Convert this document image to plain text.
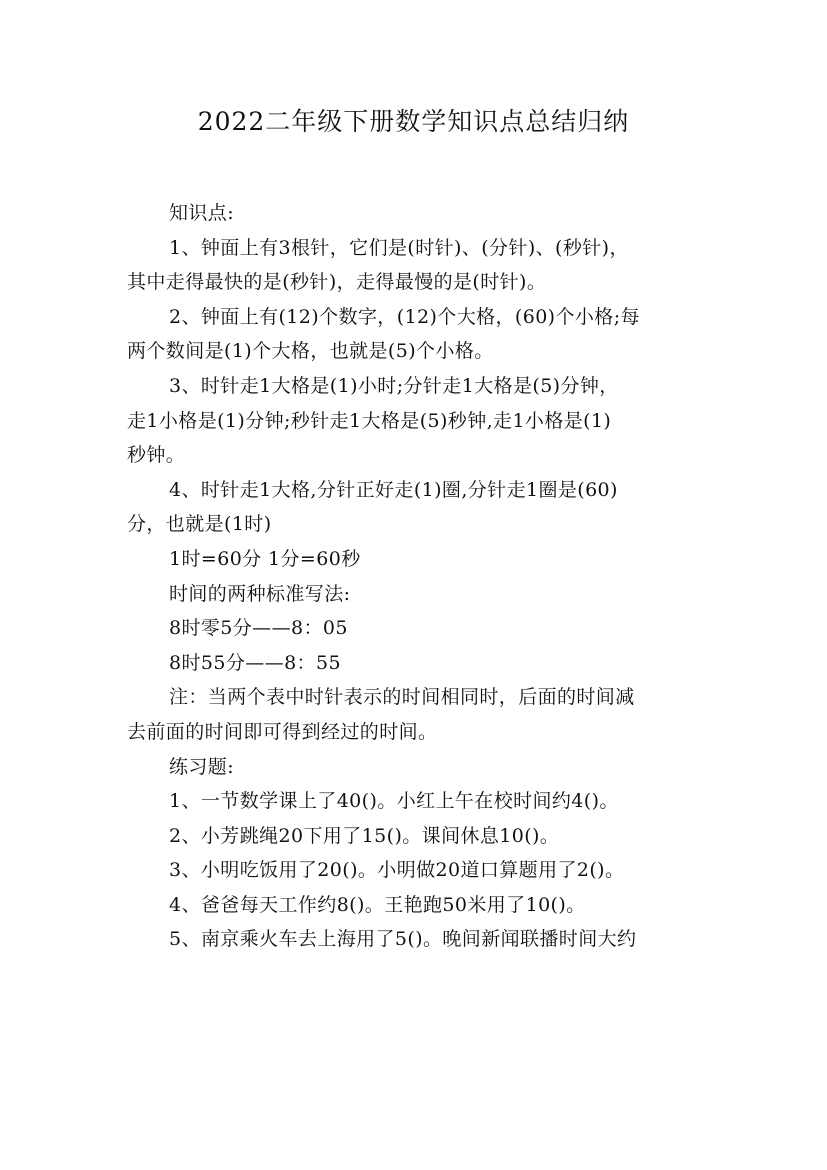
2022二年级下册数学知识点总结归纳
知识点:
1、钟面上有3根针，它们是(时针)、(分针)、(秒针)，
其中走得最快的是(秒针)，走得最慢的是(时针)。
2、钟面上有(12)个数字，(12)个大格，(60)个小格;每
两个数间是(1)个大格，也就是(5)个小格。
3、时针走1大格是(1)小时;分针走1大格是(5)分钟，
走1小格是(1)分钟;秒针走1大格是(5)秒钟,走1小格是(1)
秒钟。
4、时针走1大格,分针正好走(1)圈,分针走1圈是(60)
分，也就是(1时)
1时=60分 1分=60秒
时间的两种标准写法:
8时零5分——8：05
8时55分——8：55
注：当两个表中时针表示的时间相同时，后面的时间减
去前面的时间即可得到经过的时间。
练习题:
1、一节数学课上了40()。小红上午在校时间约4()。
2、小芳跳绳20下用了15()。课间休息10()。
3、小明吃饭用了20()。小明做20道口算题用了2()。
4、爸爸每天工作约8()。王艳跑50米用了10()。
5、南京乘火车去上海用了5()。晚间新闻联播时间大约
